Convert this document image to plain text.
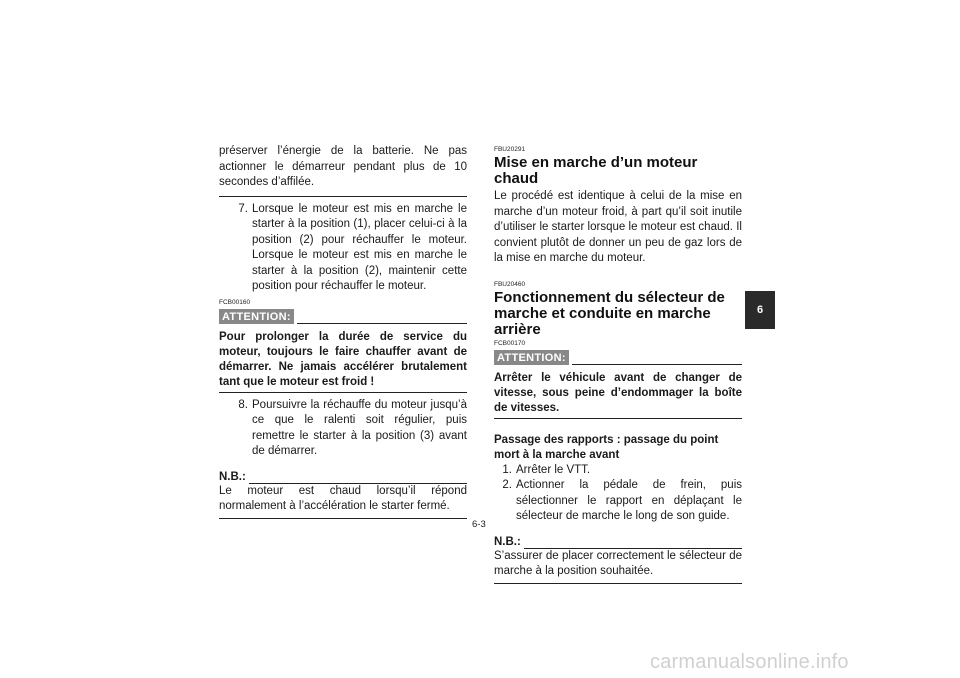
préserver l’énergie de la batterie. Ne pas actionner le démarreur pendant plus de 10 secondes d’affilée.

7. Lorsque le moteur est mis en marche le starter à la position (1), placer celui-ci à la position (2) pour réchauffer le moteur. Lorsque le moteur est mis en marche le starter à la position (2), maintenir cette position pour réchauffer le moteur.
FCB00160
ATTENTION:

Pour prolonger la durée de service du moteur, toujours le faire chauffer avant de démarrer. Ne jamais accélérer brutalement tant que le moteur est froid !

8. Poursuivre la réchauffe du moteur jusqu’à ce que le ralenti soit régulier, puis remettre le starter à la position (3) avant de démarrer.
N.B.:

Le moteur est chaud lorsqu’il répond normalement à l’accélération le starter fermé.

FBU20291
Mise en marche d’un moteur chaud

Le procédé est identique à celui de la mise en marche d’un moteur froid, à part qu’il soit inutile d’utiliser le starter lorsque le moteur est chaud. Il convient plutôt de donner un peu de gaz lors de la mise en marche du moteur.

FBU20460
Fonctionnement du sélecteur de marche et conduite en marche arrière
FCB00170
ATTENTION:

Arrêter le véhicule avant de changer de vitesse, sous peine d’endommager la boîte de vitesses.

Passage des rapports : passage du point mort à la marche avant
1. Arrêter le VTT.
2. Actionner la pédale de frein, puis sélectionner le rapport en déplaçant le sélecteur de marche le long de son guide.
N.B.:

S’assurer de placer correctement le sélecteur de marche à la position souhaitée.

6-3
6
carmanualsonline.info
